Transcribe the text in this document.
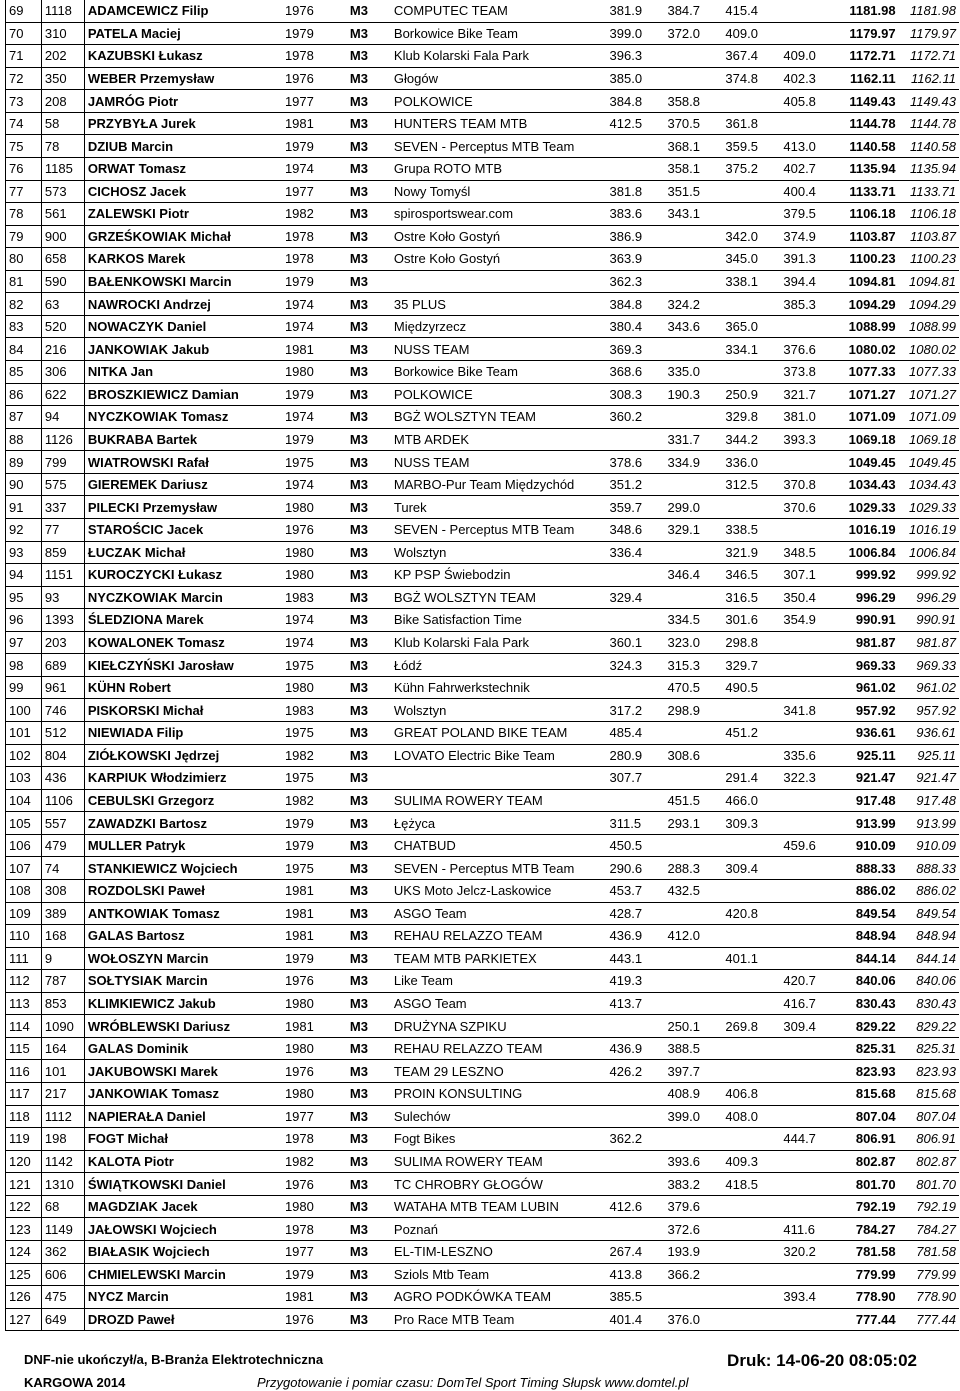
69	1118	ADAMCEWICZ Filip	1976	M3	COMPUTEC TEAM	381.9	384.7	415.4		1181.98	1181.98
70	310	PATELA Maciej	1979	M3	Borkowice Bike Team	399.0	372.0	409.0		1179.97	1179.97
71	202	KAZUBSKI Łukasz	1978	M3	Klub Kolarski Fala Park	396.3		367.4	409.0	1172.71	1172.71
72	350	WEBER Przemysław	1976	M3	Głogów	385.0		374.8	402.3	1162.11	1162.11
73	208	JAMRÓG Piotr	1977	M3	POLKOWICE	384.8	358.8		405.8	1149.43	1149.43
74	58	PRZYBYŁA Jurek	1981	M3	HUNTERS TEAM MTB	412.5	370.5	361.8		1144.78	1144.78
75	78	DZIUB Marcin	1979	M3	SEVEN - Perceptus MTB Team		368.1	359.5	413.0	1140.58	1140.58
76	1185	ORWAT Tomasz	1974	M3	Grupa ROTO MTB		358.1	375.2	402.7	1135.94	1135.94
77	573	CICHOSZ Jacek	1977	M3	Nowy Tomyśl	381.8	351.5		400.4	1133.71	1133.71
78	561	ZALEWSKI Piotr	1982	M3	spirosportswear.com	383.6	343.1		379.5	1106.18	1106.18
79	900	GRZEŚKOWIAK Michał	1978	M3	Ostre Koło Gostyń	386.9		342.0	374.9	1103.87	1103.87
80	658	KARKOS Marek	1978	M3	Ostre Koło Gostyń	363.9		345.0	391.3	1100.23	1100.23
81	590	BAŁENKOWSKI Marcin	1979	M3		362.3		338.1	394.4	1094.81	1094.81
82	63	NAWROCKI Andrzej	1974	M3	35 PLUS	384.8	324.2		385.3	1094.29	1094.29
83	520	NOWACZYK Daniel	1974	M3	Międzyrzecz	380.4	343.6	365.0		1088.99	1088.99
84	216	JANKOWIAK Jakub	1981	M3	NUSS TEAM	369.3		334.1	376.6	1080.02	1080.02
85	306	NITKA Jan	1980	M3	Borkowice Bike Team	368.6	335.0		373.8	1077.33	1077.33
86	622	BROSZKIEWICZ Damian	1979	M3	POLKOWICE	308.3	190.3	250.9	321.7	1071.27	1071.27
87	94	NYCZKOWIAK Tomasz	1974	M3	BGŻ WOLSZTYN TEAM	360.2		329.8	381.0	1071.09	1071.09
88	1126	BUKRABA Bartek	1979	M3	MTB ARDEK		331.7	344.2	393.3	1069.18	1069.18
89	799	WIATROWSKI Rafał	1975	M3	NUSS TEAM	378.6	334.9	336.0		1049.45	1049.45
90	575	GIEREMEK Dariusz	1974	M3	MARBO-Pur Team Międzychód	351.2		312.5	370.8	1034.43	1034.43
91	337	PILECKI Przemysław	1980	M3	Turek	359.7	299.0		370.6	1029.33	1029.33
92	77	STAROŚCIC Jacek	1976	M3	SEVEN - Perceptus MTB Team	348.6	329.1	338.5		1016.19	1016.19
93	859	ŁUCZAK Michał	1980	M3	Wolsztyn	336.4		321.9	348.5	1006.84	1006.84
94	1151	KUROCZYCKI Łukasz	1980	M3	KP PSP Świebodzin		346.4	346.5	307.1	999.92	999.92
95	93	NYCZKOWIAK Marcin	1983	M3	BGŻ WOLSZTYN TEAM	329.4		316.5	350.4	996.29	996.29
96	1393	ŚLEDZIONA Marek	1974	M3	Bike Satisfaction Time		334.5	301.6	354.9	990.91	990.91
97	203	KOWALONEK Tomasz	1974	M3	Klub Kolarski Fala Park	360.1	323.0	298.8		981.87	981.87
98	689	KIEŁCZYŃSKI Jarosław	1975	M3	Łódź	324.3	315.3	329.7		969.33	969.33
99	961	KÜHN Robert	1980	M3	Kühn Fahrwerkstechnik		470.5	490.5		961.02	961.02
100	746	PISKORSKI Michał	1983	M3	Wolsztyn	317.2	298.9		341.8	957.92	957.92
101	512	NIEWIADA Filip	1975	M3	GREAT POLAND BIKE TEAM	485.4		451.2		936.61	936.61
102	804	ZIÓŁKOWSKI Jędrzej	1982	M3	LOVATO Electric Bike Team	280.9	308.6		335.6	925.11	925.11
103	436	KARPIUK Włodzimierz	1975	M3		307.7		291.4	322.3	921.47	921.47
104	1106	CEBULSKI Grzegorz	1982	M3	SULIMA ROWERY TEAM		451.5	466.0		917.48	917.48
105	557	ZAWADZKI Bartosz	1979	M3	Łężyca	311.5	293.1	309.3		913.99	913.99
106	479	MULLER Patryk	1979	M3	CHATBUD	450.5			459.6	910.09	910.09
107	74	STANKIEWICZ Wojciech	1975	M3	SEVEN - Perceptus MTB Team	290.6	288.3	309.4		888.33	888.33
108	308	ROZDOLSKI Paweł	1981	M3	UKS Moto Jelcz-Laskowice	453.7	432.5			886.02	886.02
109	389	ANTKOWIAK Tomasz	1981	M3	ASGO Team	428.7		420.8		849.54	849.54
110	168	GALAS Bartosz	1981	M3	REHAU RELAZZO TEAM	436.9	412.0			848.94	848.94
111	9	WOŁOSZYN Marcin	1979	M3	TEAM MTB PARKIETEX	443.1		401.1		844.14	844.14
112	787	SOŁTYSIAK Marcin	1976	M3	Like Team	419.3			420.7	840.06	840.06
113	853	KLIMKIEWICZ Jakub	1980	M3	ASGO Team	413.7			416.7	830.43	830.43
114	1090	WRÓBLEWSKI Dariusz	1981	M3	DRUŻYNA SZPIKU		250.1	269.8	309.4	829.22	829.22
115	164	GALAS Dominik	1980	M3	REHAU RELAZZO TEAM	436.9	388.5			825.31	825.31
116	101	JAKUBOWSKI Marek	1976	M3	TEAM 29 LESZNO	426.2	397.7			823.93	823.93
117	217	JANKOWIAK Tomasz	1980	M3	PROIN KONSULTING		408.9	406.8		815.68	815.68
118	1112	NAPIERAŁA Daniel	1977	M3	Sulechów		399.0	408.0		807.04	807.04
119	198	FOGT Michał	1978	M3	Fogt Bikes	362.2			444.7	806.91	806.91
120	1142	KALOTA Piotr	1982	M3	SULIMA ROWERY TEAM		393.6	409.3		802.87	802.87
121	1310	ŚWIĄTKOWSKI Daniel	1976	M3	TC CHROBRY GŁOGÓW		383.2	418.5		801.70	801.70
122	68	MAGDZIAK Jacek	1980	M3	WATAHA MTB TEAM LUBIN	412.6	379.6			792.19	792.19
123	1149	JAŁOWSKI Wojciech	1978	M3	Poznań		372.6		411.6	784.27	784.27
124	362	BIAŁASIK Wojciech	1977	M3	EL-TIM-LESZNO	267.4	193.9		320.2	781.58	781.58
125	606	CHMIELEWSKI Marcin	1979	M3	Sziols Mtb Team	413.8	366.2			779.99	779.99
126	475	NYCZ Marcin	1981	M3	AGRO PODKÓWKA TEAM	385.5			393.4	778.90	778.90
127	649	DROZD Paweł	1976	M3	Pro Race MTB Team	401.4	376.0			777.44	777.44
DNF-nie ukończył/a, B-Branża Elektrotechniczna
KARGOWA 2014	Przygotowanie i pomiar czasu: DomTel Sport Timing Słupsk www.domtel.pl
Druk: 14-06-20 08:05:02
